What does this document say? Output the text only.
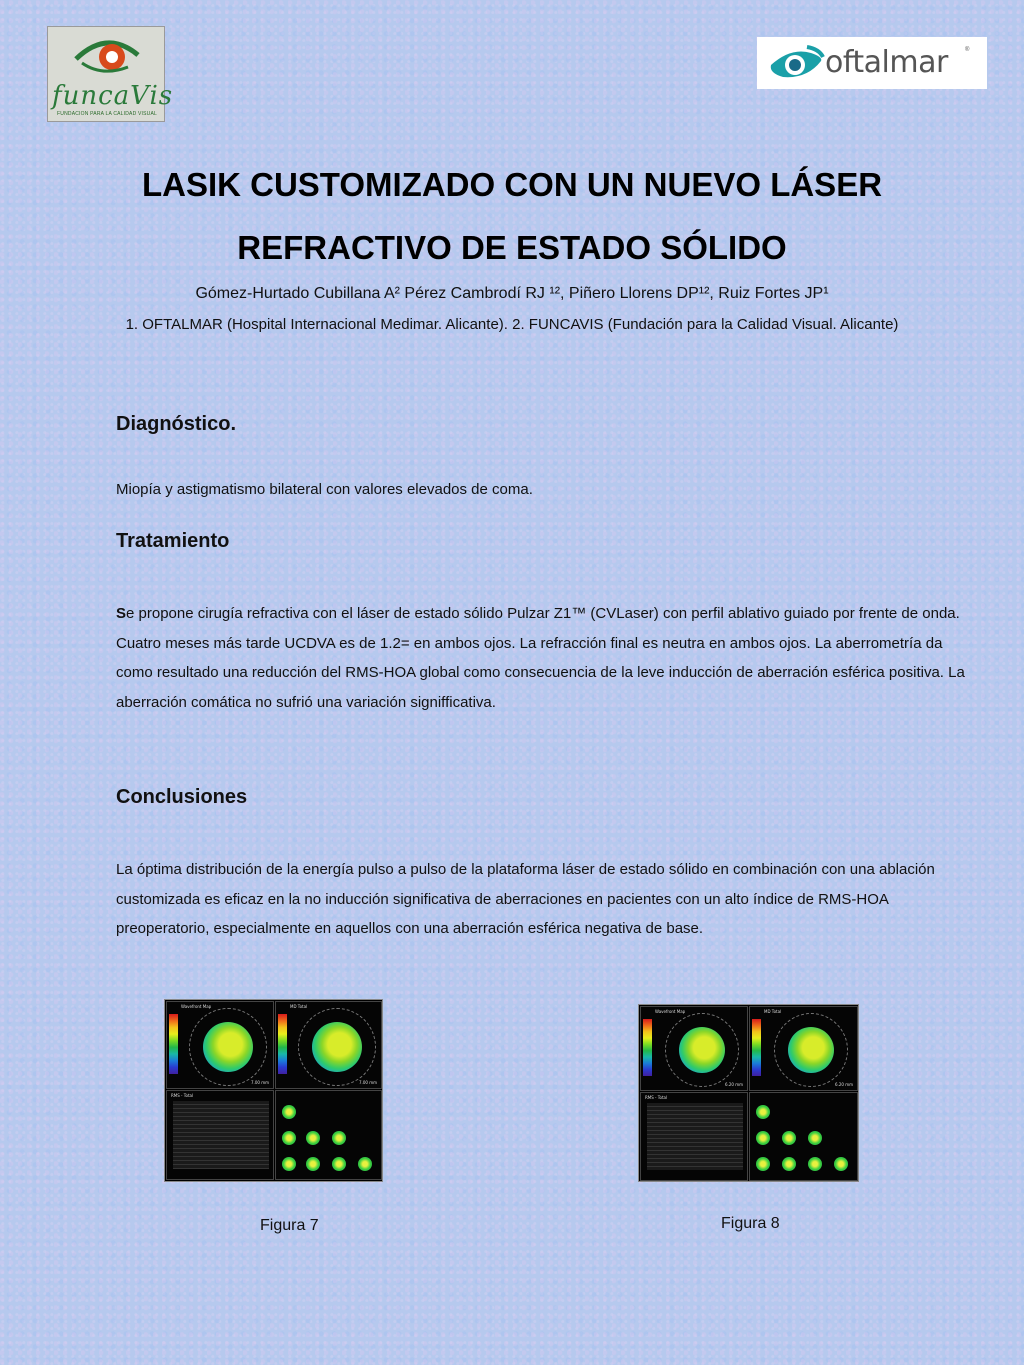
funcaVis
FUNDACION PARA LA CALIDAD VISUAL
oftalmar	®
LASIK CUSTOMIZADO CON UN NUEVO LÁSER
REFRACTIVO DE ESTADO SÓLIDO
Gómez-Hurtado Cubillana A² Pérez Cambrodí RJ ¹², Piñero Llorens DP¹², Ruiz Fortes JP¹
1. OFTALMAR (Hospital Internacional Medimar. Alicante). 2. FUNCAVIS (Fundación para la Calidad Visual. Alicante)
Diagnóstico.
Miopía y astigmatismo bilateral con valores elevados de coma.
Tratamiento
Se propone cirugía refractiva con el láser de estado sólido Pulzar Z1™ (CVLaser) con perfil ablativo guiado por frente de onda. Cuatro meses más tarde UCDVA es de 1.2= en ambos ojos. La refracción final es neutra en ambos ojos. La aberrometría da como resultado una reducción del RMS-HOA global como consecuencia de la leve inducción de aberración esférica positiva. La aberración comática no sufrió una variación signifficativa.
Conclusiones
La óptima distribución de la energía pulso a pulso de la plataforma láser de estado sólido en combinación con una ablación customizada es eficaz en la no inducción significativa de aberraciones en pacientes con un alto índice de RMS-HOA preoperatorio, especialmente en aquellos con una aberración esférica negativa de base.
Wavefront Map
7.00 mm
MD Total
7.00 mm
RMS - Total
Figura 7
Wavefront Map
6.20 mm
MD Total
6.20 mm
RMS - Total
Figura 8
